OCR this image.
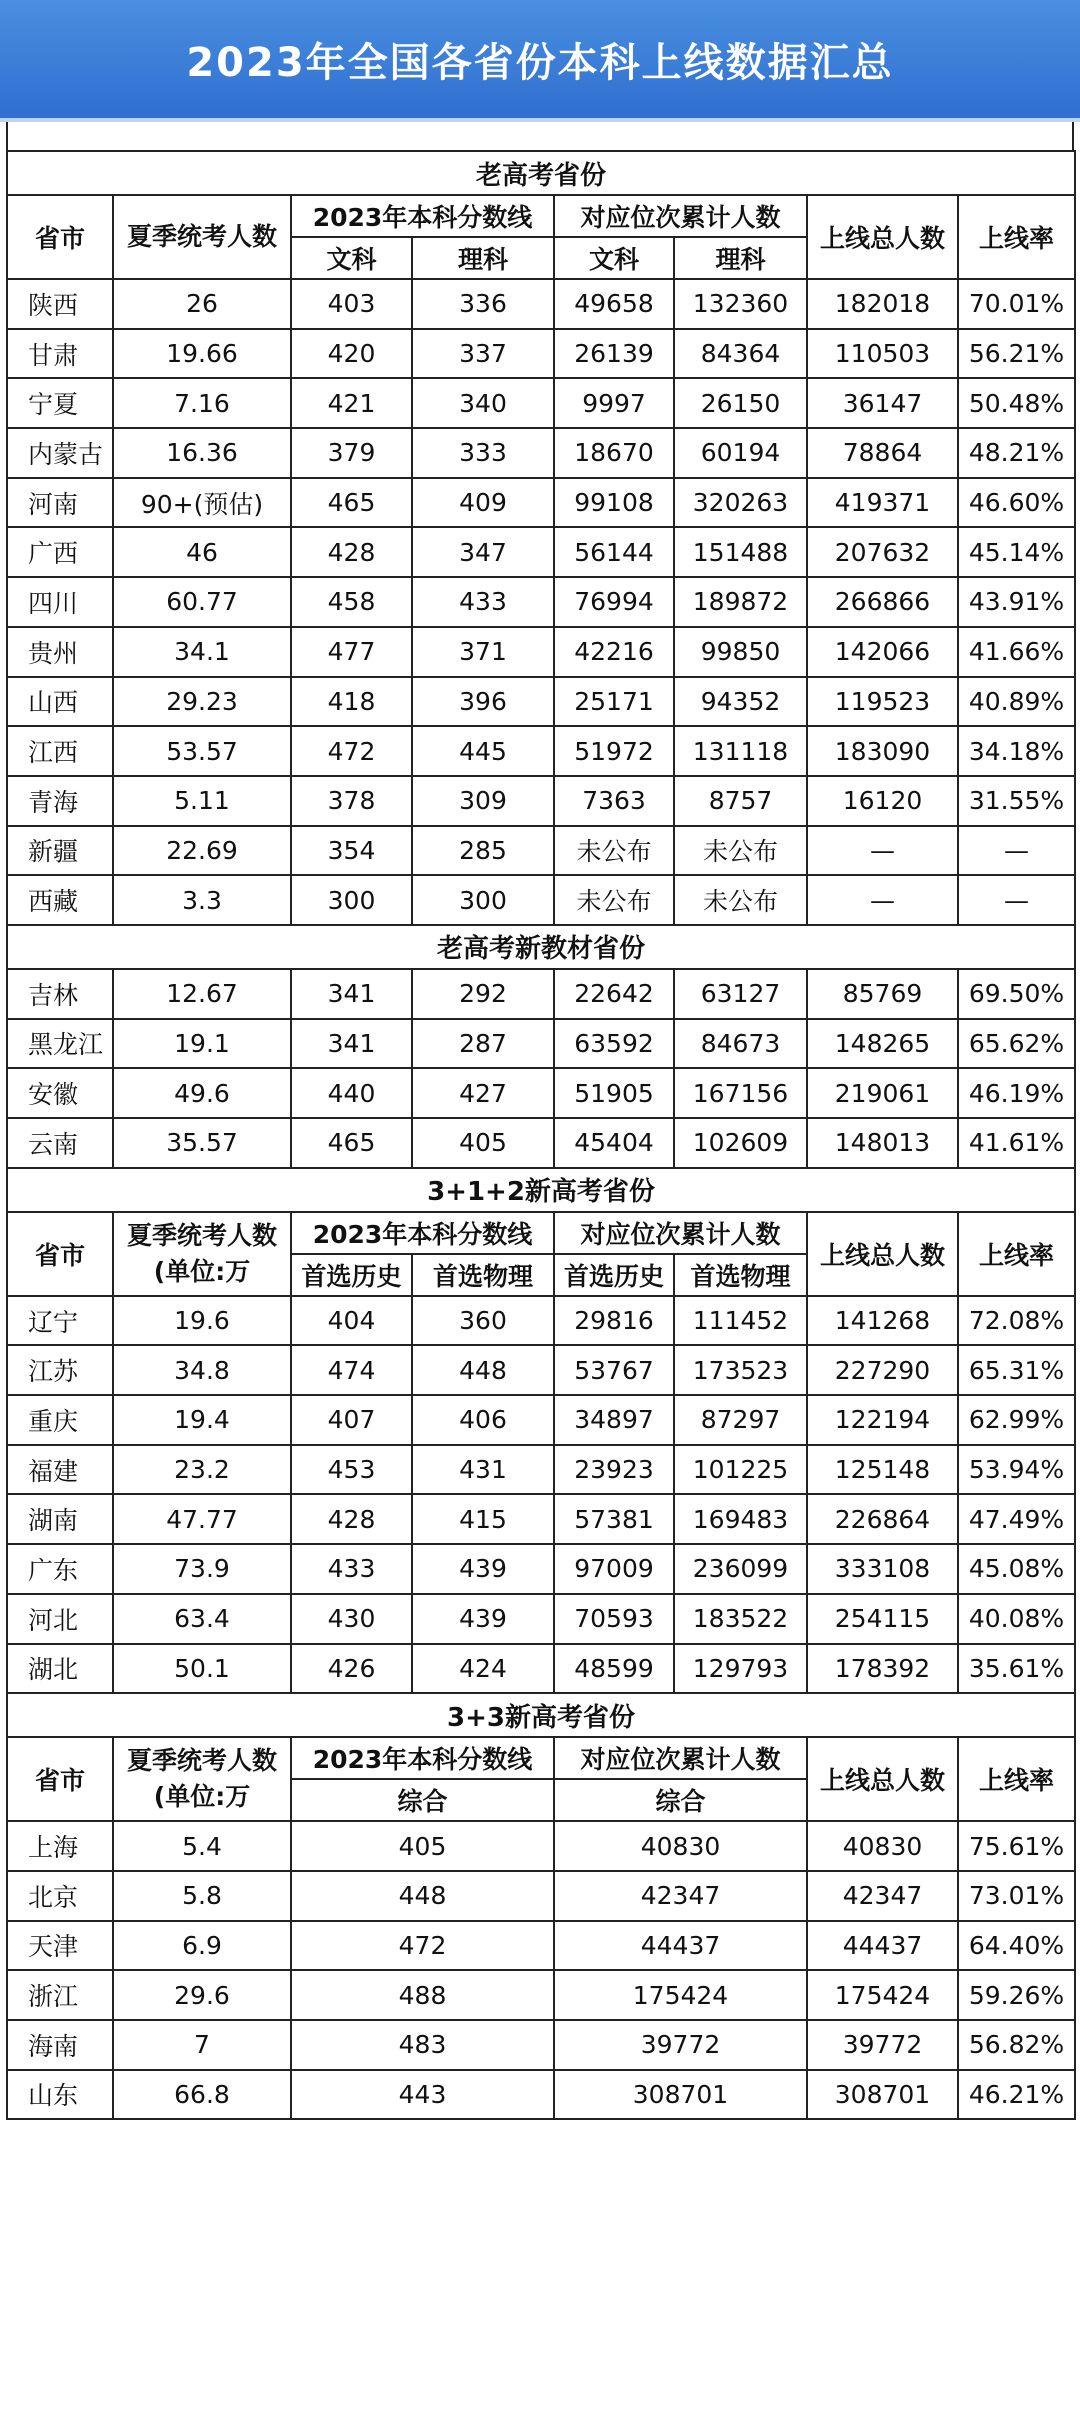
2023年全国各省份本科上线数据汇总
老高考省份							
省市	夏季统考人数	2023年本科分数线		对应位次累计人数		上线总人数	上线率
		文科	理科	文科	理科		
陕西	26	403	336	49658	132360	182018	70.01%
甘肃	19.66	420	337	26139	84364	110503	56.21%
宁夏	7.16	421	340	9997	26150	36147	50.48%
内蒙古	16.36	379	333	18670	60194	78864	48.21%
河南	90+(预估)	465	409	99108	320263	419371	46.60%
广西	46	428	347	56144	151488	207632	45.14%
四川	60.77	458	433	76994	189872	266866	43.91%
贵州	34.1	477	371	42216	99850	142066	41.66%
山西	29.23	418	396	25171	94352	119523	40.89%
江西	53.57	472	445	51972	131118	183090	34.18%
青海	5.11	378	309	7363	8757	16120	31.55%
新疆	22.69	354	285	未公布	未公布	—	—
西藏	3.3	300	300	未公布	未公布	—	—
老高考新教材省份							
吉林	12.67	341	292	22642	63127	85769	69.50%
黑龙江	19.1	341	287	63592	84673	148265	65.62%
安徽	49.6	440	427	51905	167156	219061	46.19%
云南	35.57	465	405	45404	102609	148013	41.61%
3+1+2新高考省份							
省市	夏季统考人数(单位:万	2023年本科分数线		对应位次累计人数		上线总人数	上线率
		首选历史	首选物理	首选历史	首选物理		
辽宁	19.6	404	360	29816	111452	141268	72.08%
江苏	34.8	474	448	53767	173523	227290	65.31%
重庆	19.4	407	406	34897	87297	122194	62.99%
福建	23.2	453	431	23923	101225	125148	53.94%
湖南	47.77	428	415	57381	169483	226864	47.49%
广东	73.9	433	439	97009	236099	333108	45.08%
河北	63.4	430	439	70593	183522	254115	40.08%
湖北	50.1	426	424	48599	129793	178392	35.61%
3+3新高考省份							
省市	夏季统考人数(单位:万	2023年本科分数线		对应位次累计人数		上线总人数	上线率
		综合		综合			
上海	5.4	405		40830		40830	75.61%
北京	5.8	448		42347		42347	73.01%
天津	6.9	472		44437		44437	64.40%
浙江	29.6	488		175424		175424	59.26%
海南	7	483		39772		39772	56.82%
山东	66.8	443		308701		308701	46.21%
